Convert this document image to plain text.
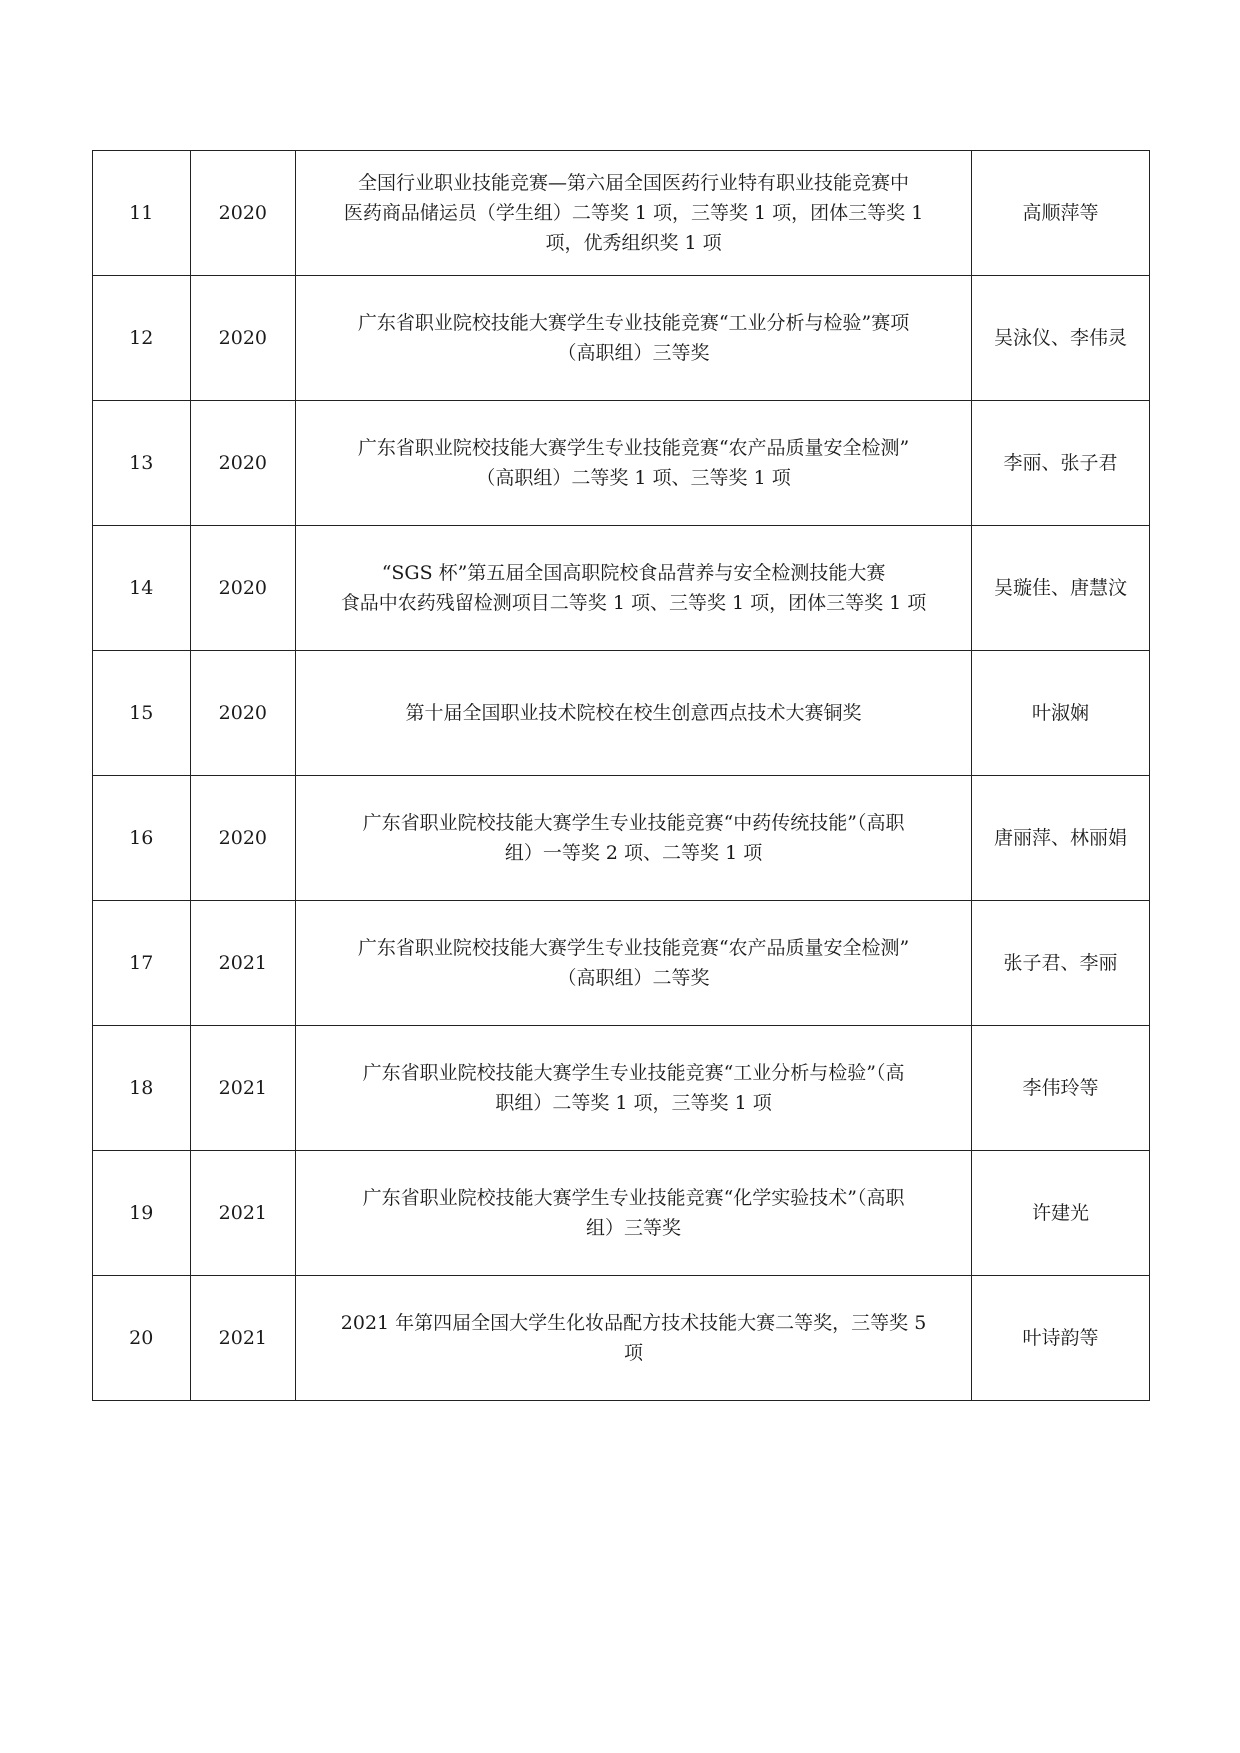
11	2020	全国行业职业技能竞赛—第六届全国医药行业特有职业技能竞赛中
医药商品储运员（学生组）二等奖 1 项，三等奖 1 项，团体三等奖 1
项，优秀组织奖 1 项	高顺萍等
12	2020	广东省职业院校技能大赛学生专业技能竞赛“工业分析与检验”赛项
（高职组）三等奖	吴泳仪、李伟灵
13	2020	广东省职业院校技能大赛学生专业技能竞赛“农产品质量安全检测”
（高职组）二等奖 1 项、三等奖 1 项	李丽、张子君
14	2020	“SGS 杯”第五届全国高职院校食品营养与安全检测技能大赛
食品中农药残留检测项目二等奖 1 项、三等奖 1 项，团体三等奖 1 项	吴璇佳、唐慧汶
15	2020	第十届全国职业技术院校在校生创意西点技术大赛铜奖	叶淑娴
16	2020	广东省职业院校技能大赛学生专业技能竞赛“中药传统技能”（高职
组）一等奖 2 项、二等奖 1 项	唐丽萍、林丽娟
17	2021	广东省职业院校技能大赛学生专业技能竞赛“农产品质量安全检测”
（高职组）二等奖	张子君、李丽
18	2021	广东省职业院校技能大赛学生专业技能竞赛“工业分析与检验”（高
职组）二等奖 1 项，三等奖 1 项	李伟玲等
19	2021	广东省职业院校技能大赛学生专业技能竞赛“化学实验技术”（高职
组）三等奖	许建光
20	2021	2021 年第四届全国大学生化妆品配方技术技能大赛二等奖，三等奖 5
项	叶诗韵等
